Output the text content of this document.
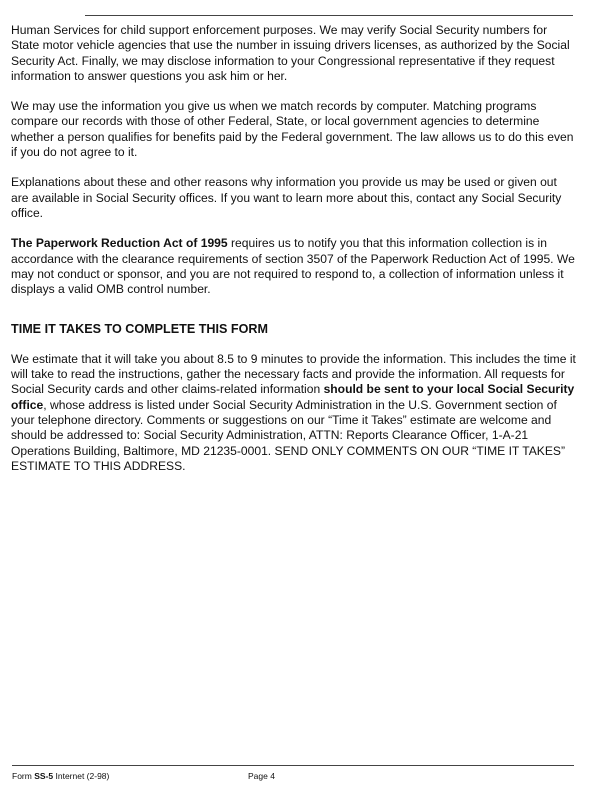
Human Services for child support enforcement purposes. We may verify Social Security numbers for State motor vehicle agencies that use the number in issuing drivers licenses, as authorized by the Social Security Act. Finally, we may disclose information to your Congressional representative if they request information to answer questions you ask him or her.

We may use the information you give us when we match records by computer. Matching programs compare our records with those of other Federal, State, or local government agencies to determine whether a person qualifies for benefits paid by the Federal government. The law allows us to do this even if you do not agree to it.

Explanations about these and other reasons why information you provide us may be used or given out are available in Social Security offices. If you want to learn more about this, contact any Social Security office.

The Paperwork Reduction Act of 1995 requires us to notify you that this information collection is in accordance with the clearance requirements of section 3507 of the Paperwork Reduction Act of 1995. We may not conduct or sponsor, and you are not required to respond to, a collection of information unless it displays a valid OMB control number.

TIME IT TAKES TO COMPLETE THIS FORM

We estimate that it will take you about 8.5 to 9 minutes to provide the information. This includes the time it will take to read the instructions, gather the necessary facts and provide the information. All requests for Social Security cards and other claims-related information should be sent to your local Social Security office, whose address is listed under Social Security Administration in the U.S. Government section of your telephone directory. Comments or suggestions on our “Time it Takes” estimate are welcome and should be addressed to: Social Security Administration, ATTN: Reports Clearance Officer, 1-A-21 Operations Building, Baltimore, MD 21235-0001. SEND ONLY COMMENTS ON OUR “TIME IT TAKES” ESTIMATE TO THIS ADDRESS.

Form SS-5 Internet (2-98)	Page 4
